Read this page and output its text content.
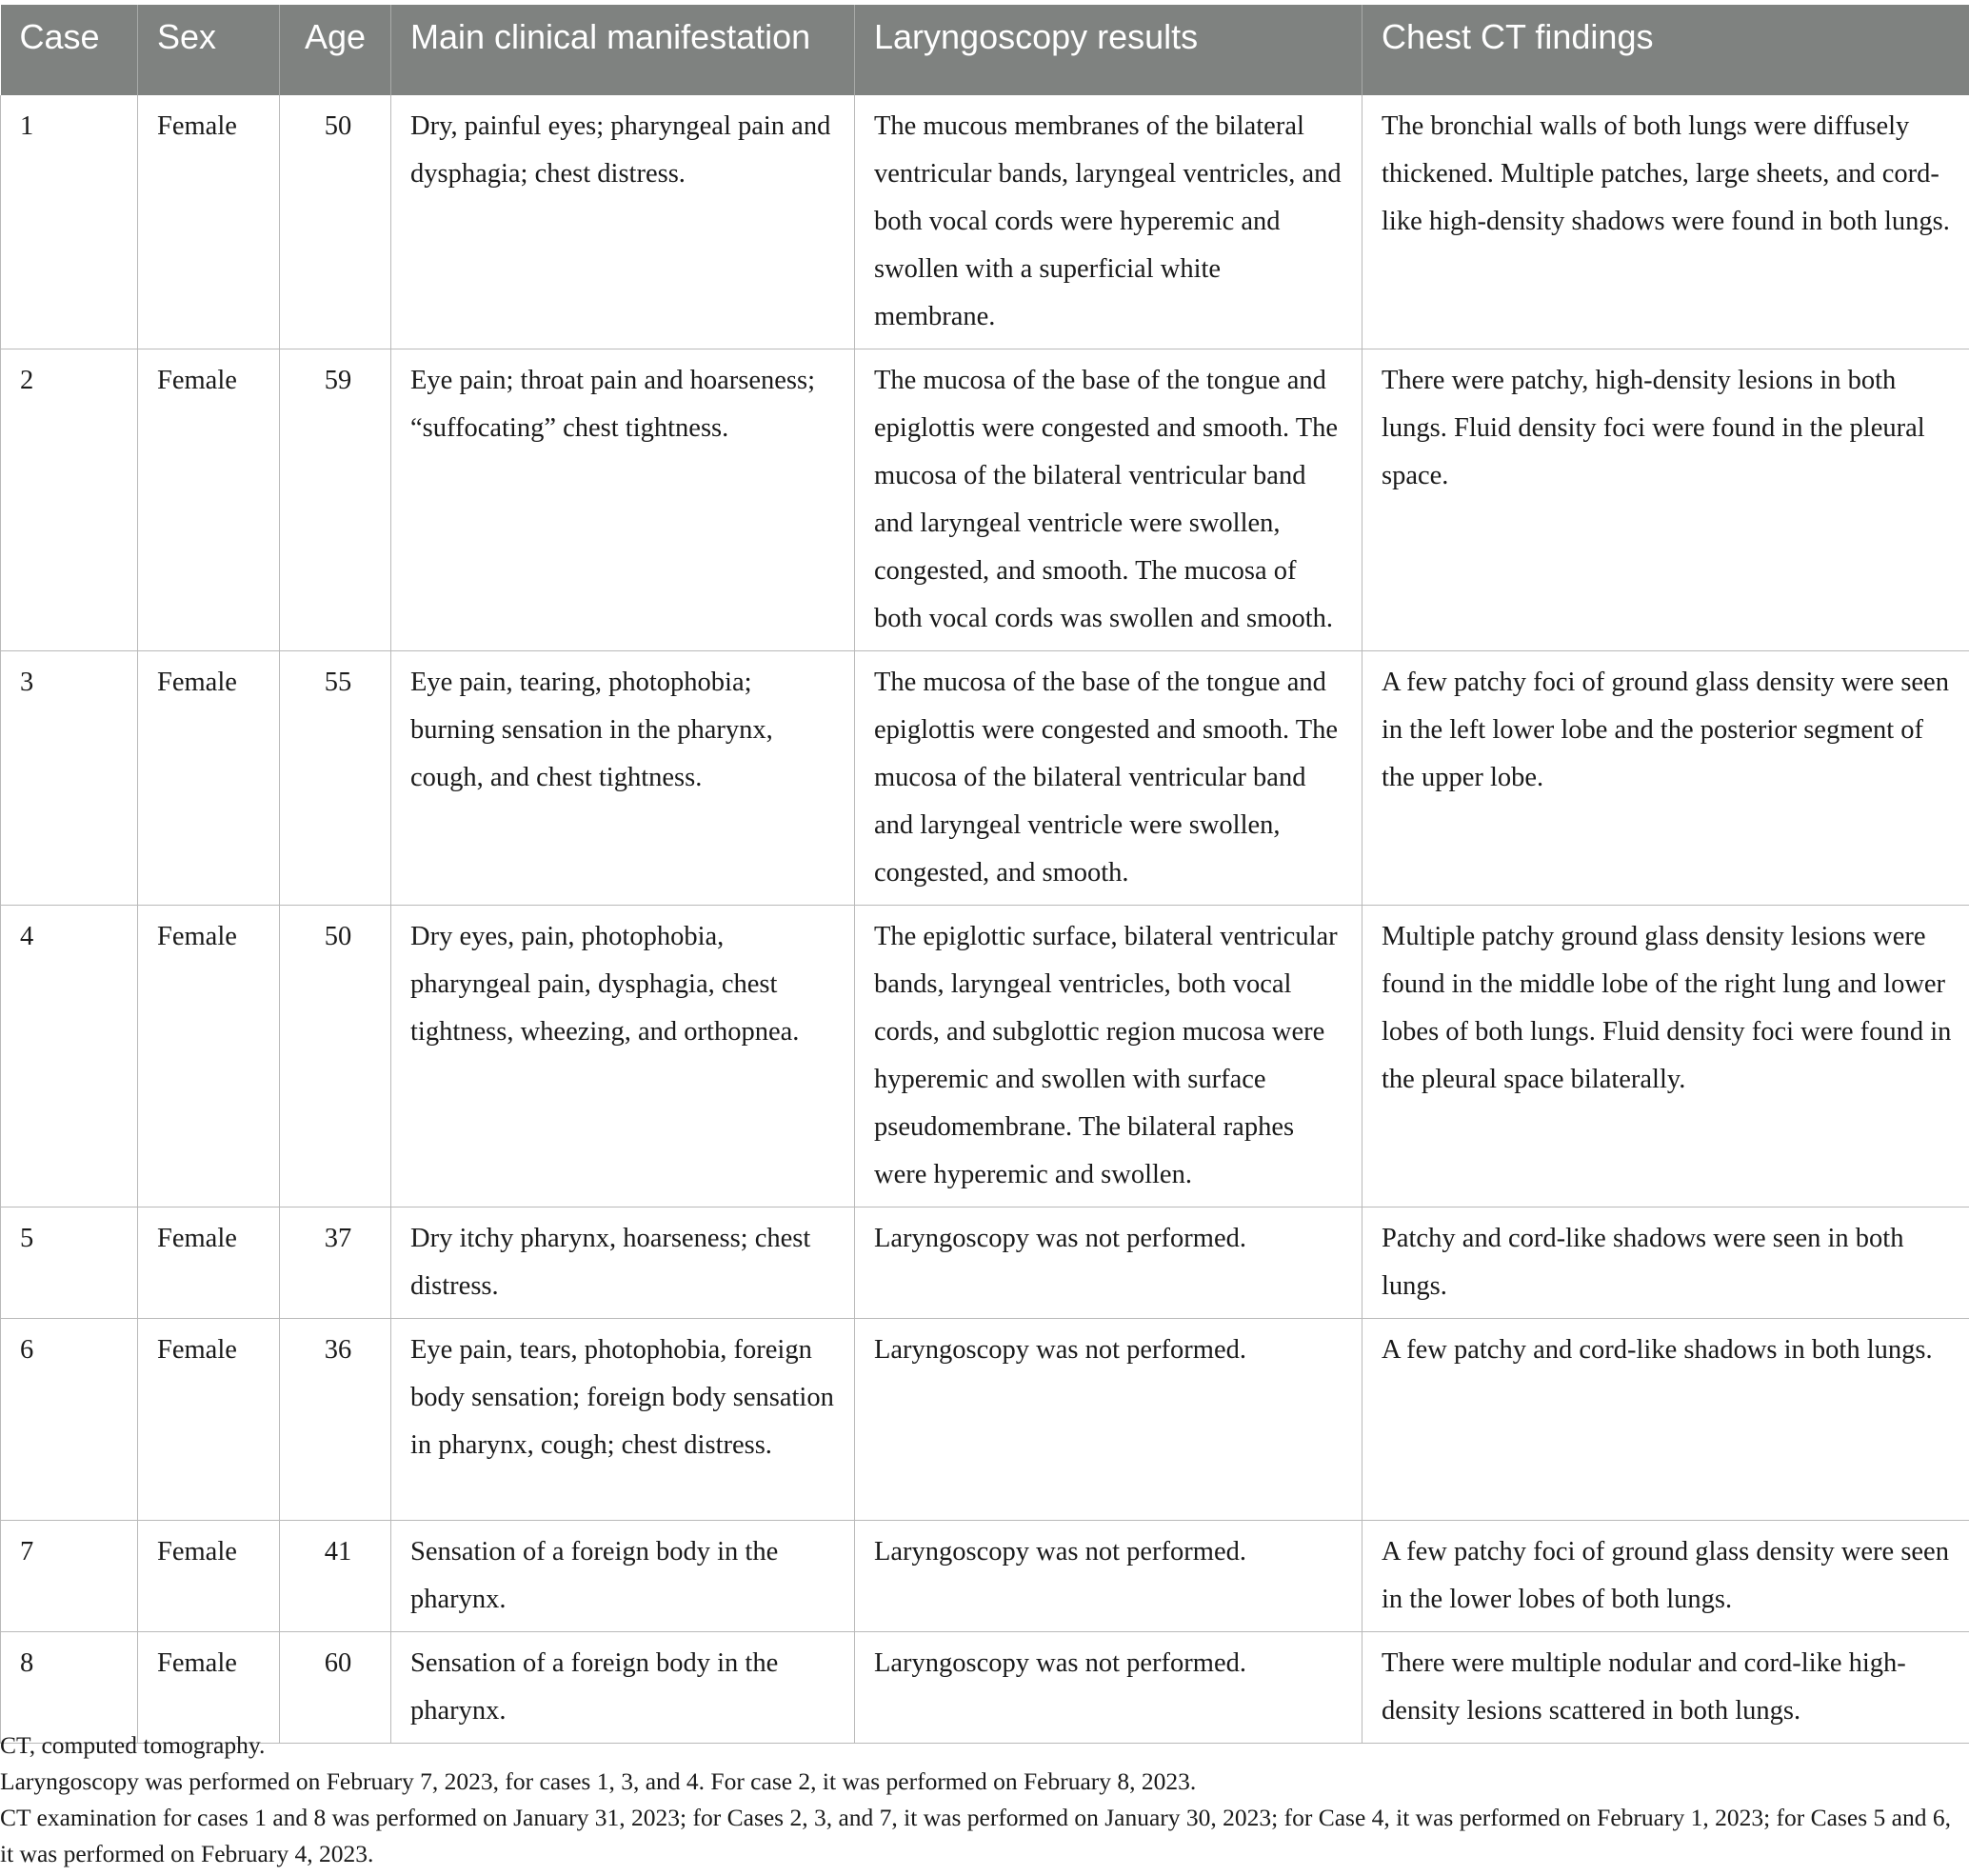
Case	Sex	Age	Main clinical manifestation	Laryngoscopy results	Chest CT findings
1	Female	50	Dry, painful eyes; pharyngeal pain and dysphagia; chest distress.	The mucous membranes of the bilateral ventricular bands, laryngeal ventricles, and both vocal cords were hyperemic and swollen with a superficial white membrane.	The bronchial walls of both lungs were diffusely thickened. Multiple patches, large sheets, and cord-like high-density shadows were found in both lungs.
2	Female	59	Eye pain; throat pain and hoarseness; “suffocating” chest tightness.	The mucosa of the base of the tongue and epiglottis were congested and smooth. The mucosa of the bilateral ventricular band and laryngeal ventricle were swollen, congested, and smooth. The mucosa of both vocal cords was swollen and smooth.	There were patchy, high-density lesions in both lungs. Fluid density foci were found in the pleural space.
3	Female	55	Eye pain, tearing, photophobia; burning sensation in the pharynx, cough, and chest tightness.	The mucosa of the base of the tongue and epiglottis were congested and smooth. The mucosa of the bilateral ventricular band and laryngeal ventricle were swollen, congested, and smooth.	A few patchy foci of ground glass density were seen in the left lower lobe and the posterior segment of the upper lobe.
4	Female	50	Dry eyes, pain, photophobia, pharyngeal pain, dysphagia, chest tightness, wheezing, and orthopnea.	The epiglottic surface, bilateral ventricular bands, laryngeal ventricles, both vocal cords, and subglottic region mucosa were hyperemic and swollen with surface pseudomembrane. The bilateral raphes were hyperemic and swollen.	Multiple patchy ground glass density lesions were found in the middle lobe of the right lung and lower lobes of both lungs. Fluid density foci were found in the pleural space bilaterally.
5	Female	37	Dry itchy pharynx, hoarseness; chest distress.	Laryngoscopy was not performed.	Patchy and cord-like shadows were seen in both lungs.
6	Female	36	Eye pain, tears, photophobia, foreign body sensation; foreign body sensation in pharynx, cough; chest distress.	Laryngoscopy was not performed.	A few patchy and cord-like shadows in both lungs.
7	Female	41	Sensation of a foreign body in the pharynx.	Laryngoscopy was not performed.	A few patchy foci of ground glass density were seen in the lower lobes of both lungs.
8	Female	60	Sensation of a foreign body in the pharynx.	Laryngoscopy was not performed.	There were multiple nodular and cord-like high-density lesions scattered in both lungs.
CT, computed tomography.
Laryngoscopy was performed on February 7, 2023, for cases 1, 3, and 4. For case 2, it was performed on February 8, 2023.
CT examination for cases 1 and 8 was performed on January 31, 2023; for Cases 2, 3, and 7, it was performed on January 30, 2023; for Case 4, it was performed on February 1, 2023; for Cases 5 and 6, it was performed on February 4, 2023.
